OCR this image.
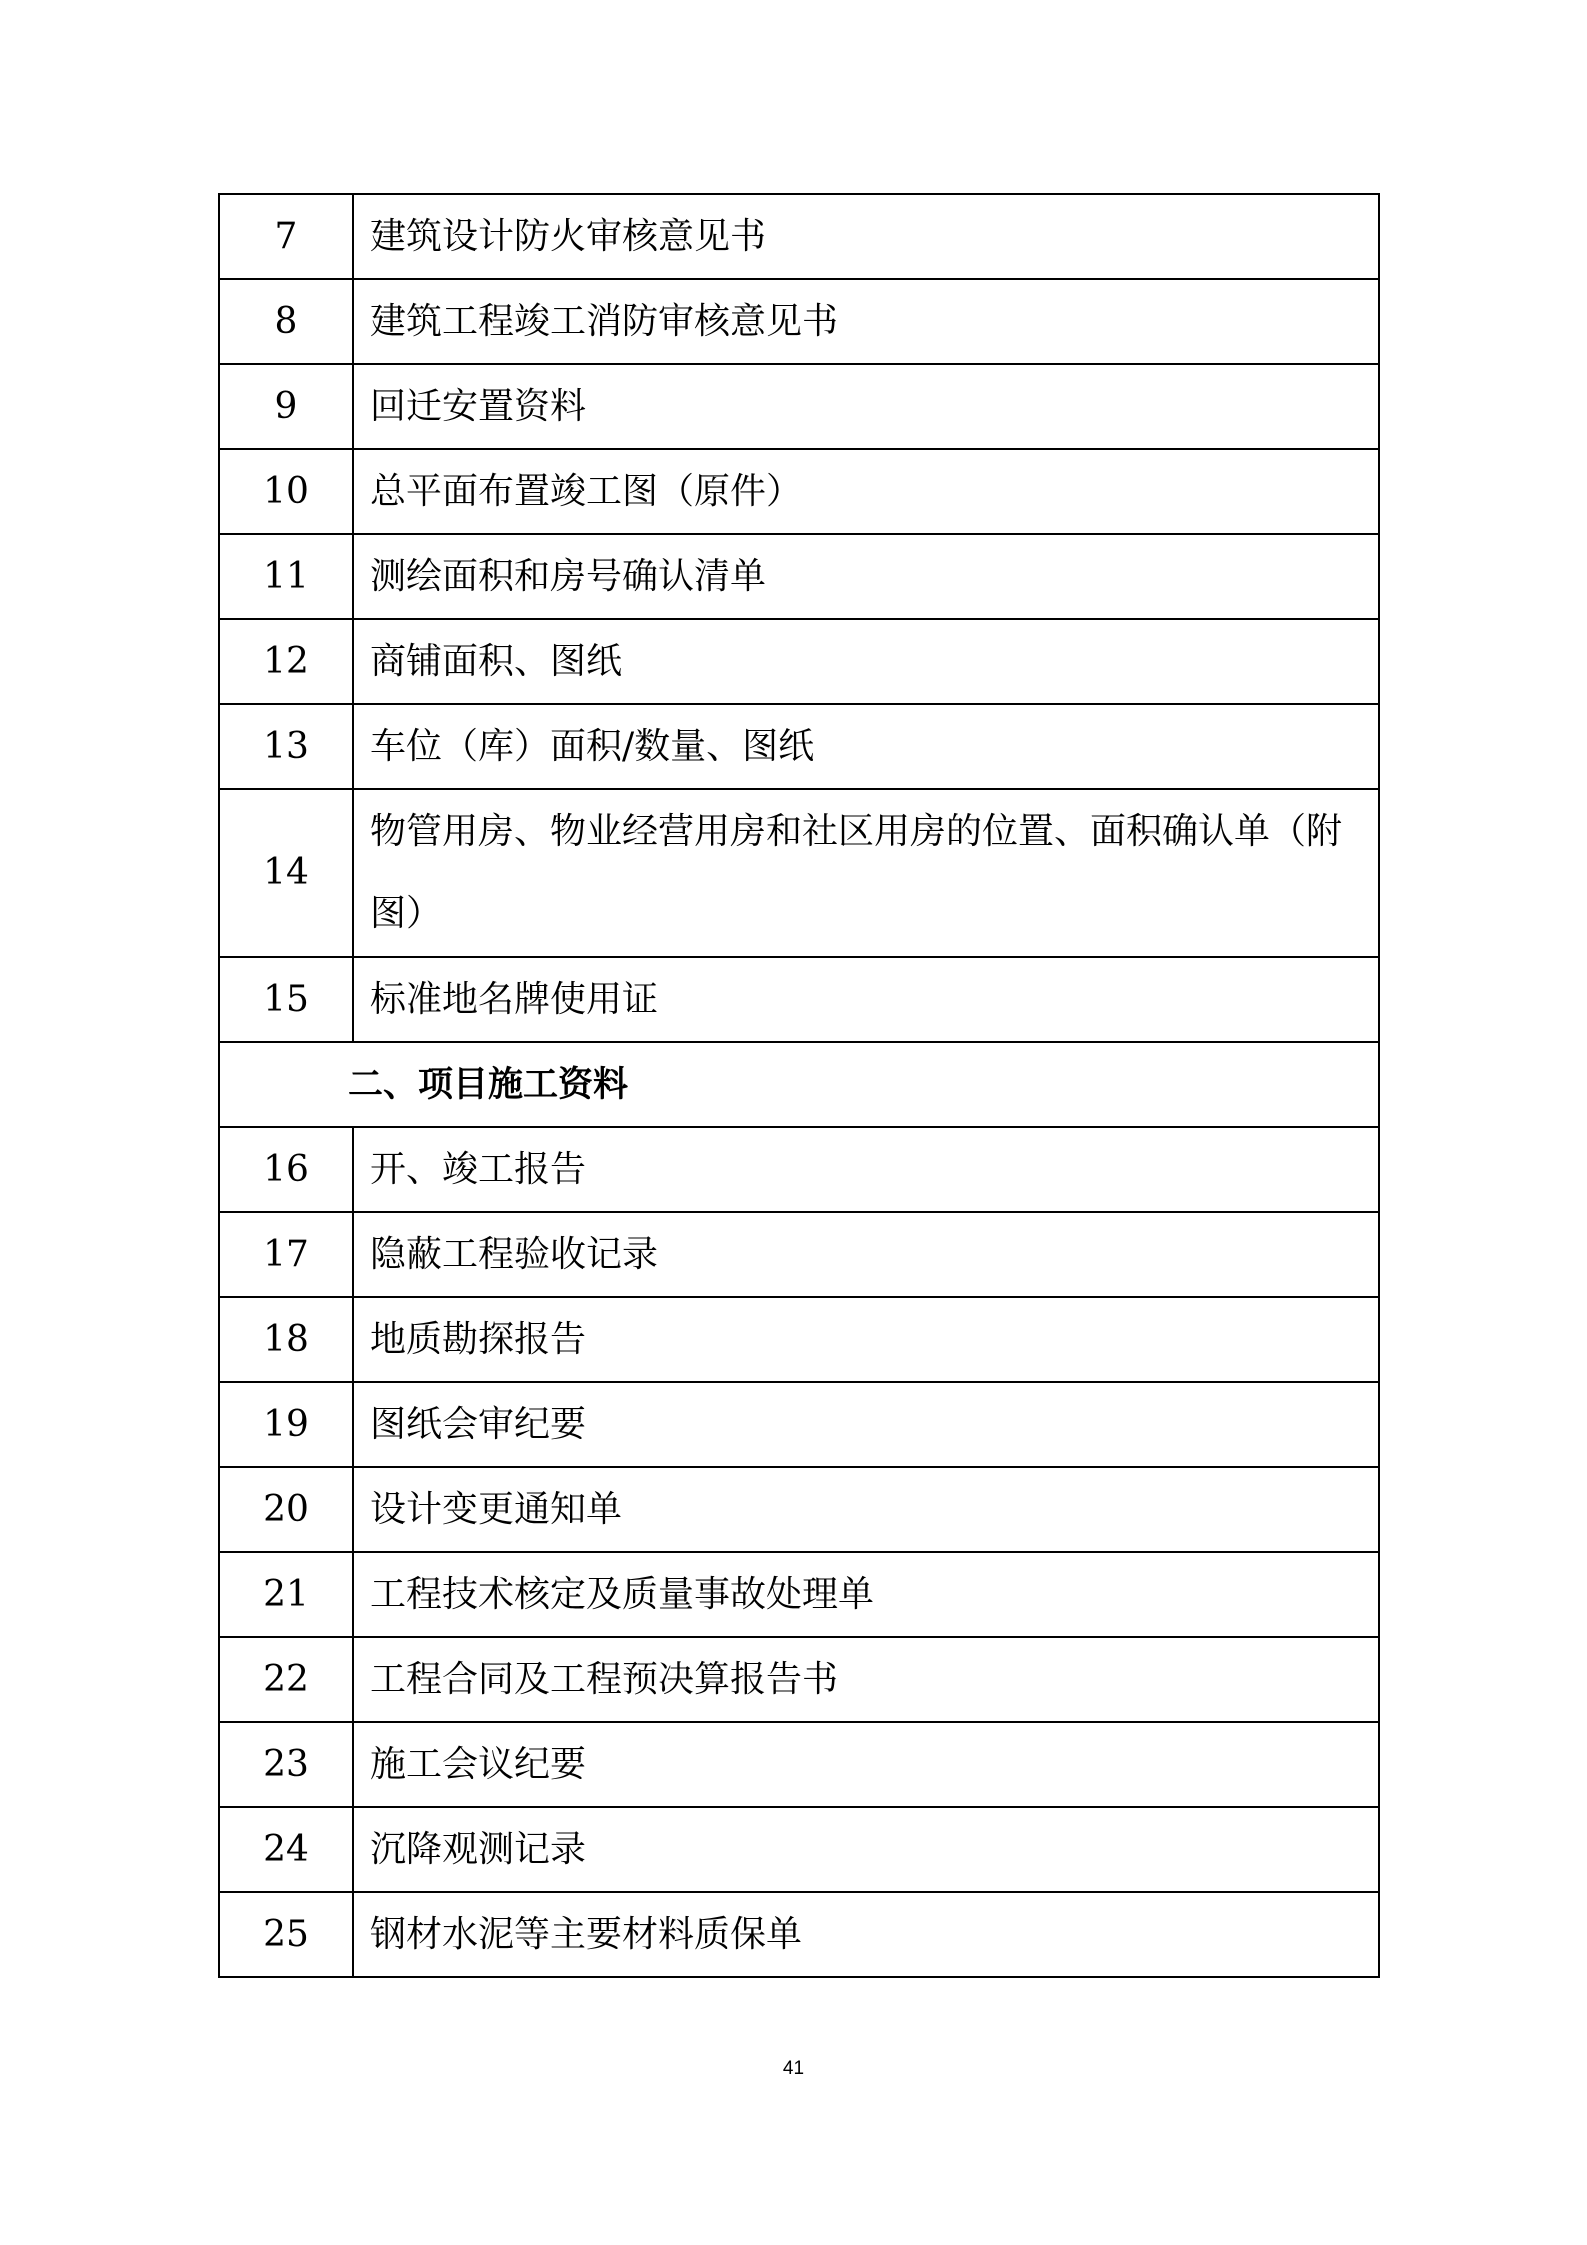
7	建筑设计防火审核意见书
8	建筑工程竣工消防审核意见书
9	回迁安置资料
10	总平面布置竣工图（原件）
11	测绘面积和房号确认清单
12	商铺面积、图纸
13	车位（库）面积/数量、图纸
14	物管用房、物业经营用房和社区用房的位置、面积确认单（附图）
15	标准地名牌使用证
二、项目施工资料	
16	开、竣工报告
17	隐蔽工程验收记录
18	地质勘探报告
19	图纸会审纪要
20	设计变更通知单
21	工程技术核定及质量事故处理单
22	工程合同及工程预决算报告书
23	施工会议纪要
24	沉降观测记录
25	钢材水泥等主要材料质保单
41
